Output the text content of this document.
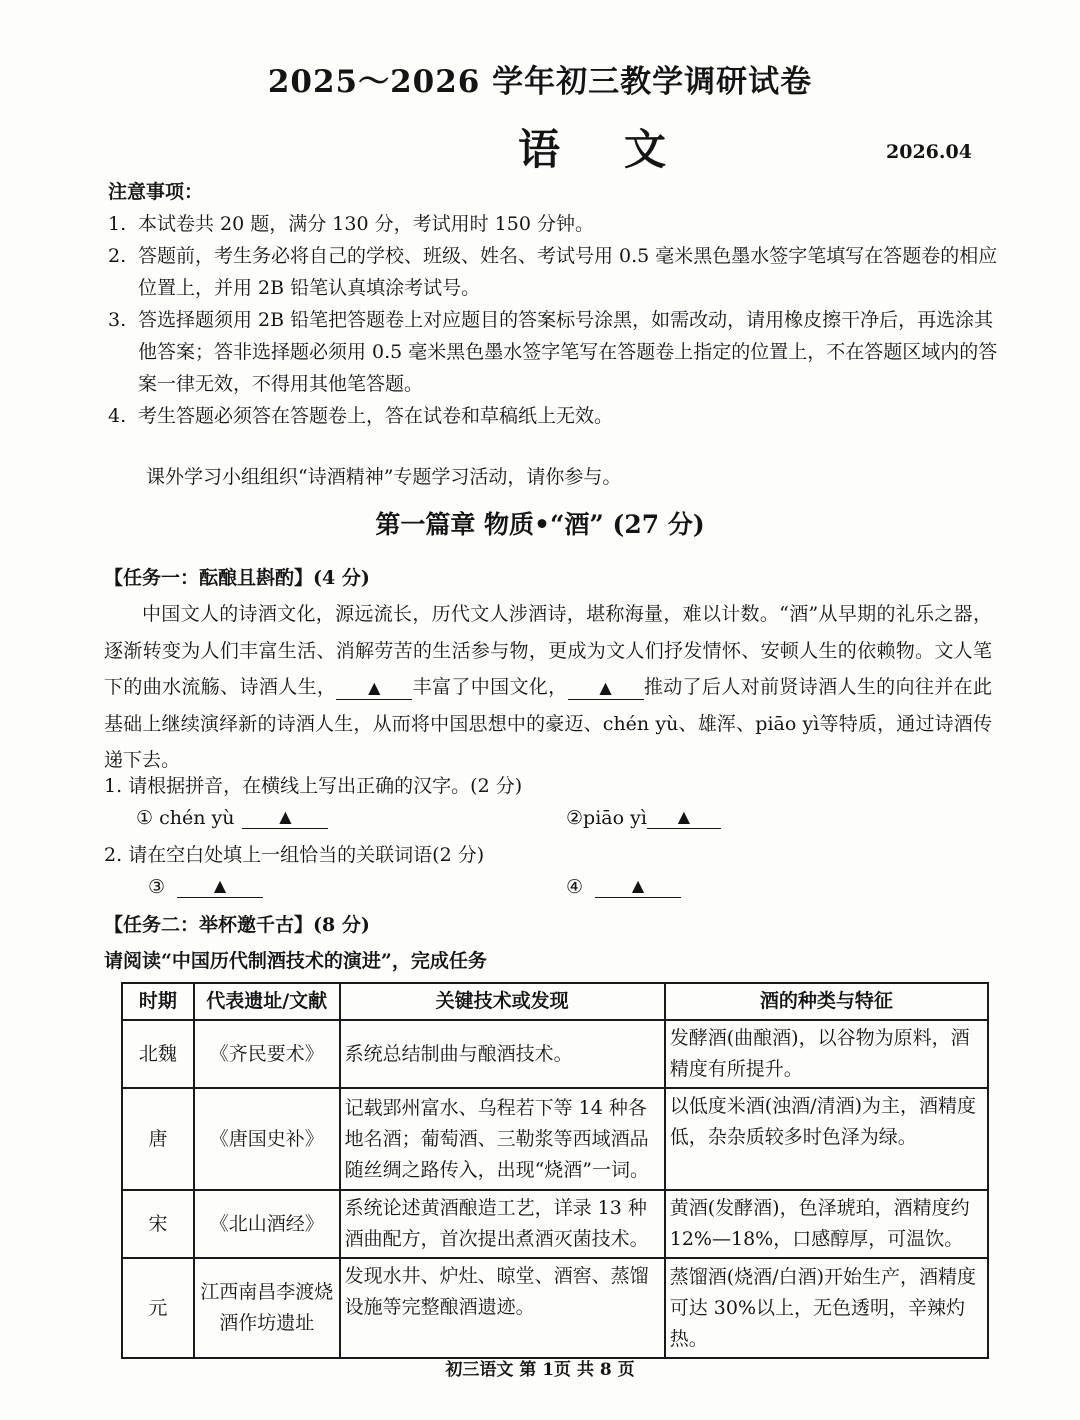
2025～2026 学年初三教学调研试卷
语文	2026.04
注意事项：
1. 本试卷共 20 题，满分 130 分，考试用时 150 分钟。
2. 答题前，考生务必将自己的学校、班级、姓名、考试号用 0.5 毫米黑色墨水签字笔填写在答题卷的相应位置上，并用 2B 铅笔认真填涂考试号。
3. 答选择题须用 2B 铅笔把答题卷上对应题目的答案标号涂黑，如需改动，请用橡皮擦干净后，再选涂其他答案；答非选择题必须用 0.5 毫米黑色墨水签字笔写在答题卷上指定的位置上，不在答题区域内的答案一律无效，不得用其他笔答题。
4. 考生答题必须答在答题卷上，答在试卷和草稿纸上无效。
课外学习小组组织“诗酒精神”专题学习活动，请你参与。
第一篇章 物质•“酒” (27 分)
【任务一：酝酿且斟酌】(4 分)
中国文人的诗酒文化，源远流长，历代文人涉酒诗，堪称海量，难以计数。“酒”从早期的礼乐之器，逐渐转变为人们丰富生活、消解劳苦的生活参与物，更成为文人们抒发情怀、安顿人生的依赖物。文人笔下的曲水流觞、诗酒人生， ▲ 丰富了中国文化， ▲ 推动了后人对前贤诗酒人生的向往并在此基础上继续演绎新的诗酒人生，从而将中国思想中的豪迈、chén yù、雄浑、piāo yì等特质，通过诗酒传递下去。
1. 请根据拼音，在横线上写出正确的汉字。(2 分)
① chén yù	▲	②piāo yì	▲
2. 请在空白处填上一组恰当的关联词语(2 分)
③	▲	④	▲
【任务二：举杯邀千古】(8 分)
请阅读“中国历代制酒技术的演进”，完成任务
时期	代表遗址/文献	关键技术或发现	酒的种类与特征
北魏	《齐民要术》	系统总结制曲与酿酒技术。	发酵酒(曲酿酒)，以谷物为原料，酒精度有所提升。
唐	《唐国史补》	记载郢州富水、乌程若下等 14 种各地名酒；葡萄酒、三勒浆等西域酒品随丝绸之路传入，出现“烧酒”一词。	以低度米酒(浊酒/清酒)为主，酒精度低，杂杂质较多时色泽为绿。
宋	《北山酒经》	系统论述黄酒酿造工艺，详录 13 种酒曲配方，首次提出煮酒灭菌技术。	黄酒(发酵酒)，色泽琥珀，酒精度约 12%—18%，口感醇厚，可温饮。
元	江西南昌李渡烧酒作坊遗址	发现水井、炉灶、晾堂、酒窖、蒸馏设施等完整酿酒遗迹。	蒸馏酒(烧酒/白酒)开始生产，酒精度可达 30%以上，无色透明，辛辣灼热。
初三语文 第 1页 共 8 页
